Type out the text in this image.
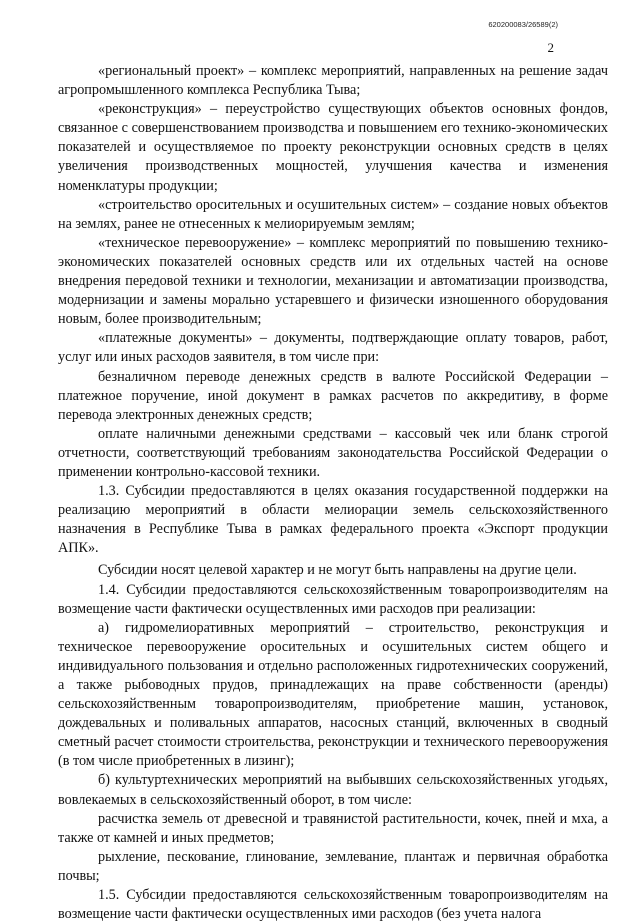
620200083/26589(2)
2

«региональный проект» – комплекс мероприятий, направленных на решение задач агропромышленного комплекса Республика Тыва;

«реконструкция» – переустройство существующих объектов основных фондов, связанное с совершенствованием производства и повышением его технико-экономических показателей и осуществляемое по проекту реконструкции основных средств в целях увеличения производственных мощностей, улучшения качества и изменения номенклатуры продукции;

«строительство оросительных и осушительных систем» – создание новых объектов на землях, ранее не отнесенных к мелиорируемым землям;

«техническое перевооружение» – комплекс мероприятий по повышению технико-экономических показателей основных средств или их отдельных частей на основе внедрения передовой техники и технологии, механизации и автоматизации производства, модернизации и замены морально устаревшего и физически изношенного оборудования новым, более производительным;

«платежные документы» – документы, подтверждающие оплату товаров, работ, услуг или иных расходов заявителя, в том числе при:

безналичном переводе денежных средств в валюте Российской Федерации – платежное поручение, иной документ в рамках расчетов по аккредитиву, в форме перевода электронных денежных средств;

оплате наличными денежными средствами – кассовый чек или бланк строгой отчетности, соответствующий требованиям законодательства Российской Федерации о применении контрольно-кассовой техники.

1.3. Субсидии предоставляются в целях оказания государственной поддержки на реализацию мероприятий в области мелиорации земель сельскохозяйственного назначения в Республике Тыва в рамках федерального проекта «Экспорт продукции АПК».

Субсидии носят целевой характер и не могут быть направлены на другие цели.

1.4. Субсидии предоставляются сельскохозяйственным товаропроизводителям на возмещение части фактически осуществленных ими расходов при реализации:

а) гидромелиоративных мероприятий – строительство, реконструкция и техническое перевооружение оросительных и осушительных систем общего и индивидуального пользования и отдельно расположенных гидротехнических сооружений, а также рыбоводных прудов, принадлежащих на праве собственности (аренды) сельскохозяйственным товаропроизводителям, приобретение машин, установок, дождевальных и поливальных аппаратов, насосных станций, включенных в сводный сметный расчет стоимости строительства, реконструкции и технического перевооружения (в том числе приобретенных в лизинг);

б) культуртехнических мероприятий на выбывших сельскохозяйственных угодьях, вовлекаемых в сельскохозяйственный оборот, в том числе:

расчистка земель от древесной и травянистой растительности, кочек, пней и мха, а также от камней и иных предметов;

рыхление, пескование, глинование, землевание, плантаж и первичная обработка почвы;

1.5. Субсидии предоставляются сельскохозяйственным товаропроизводителям на возмещение части фактически осуществленных ими расходов (без учета налога
